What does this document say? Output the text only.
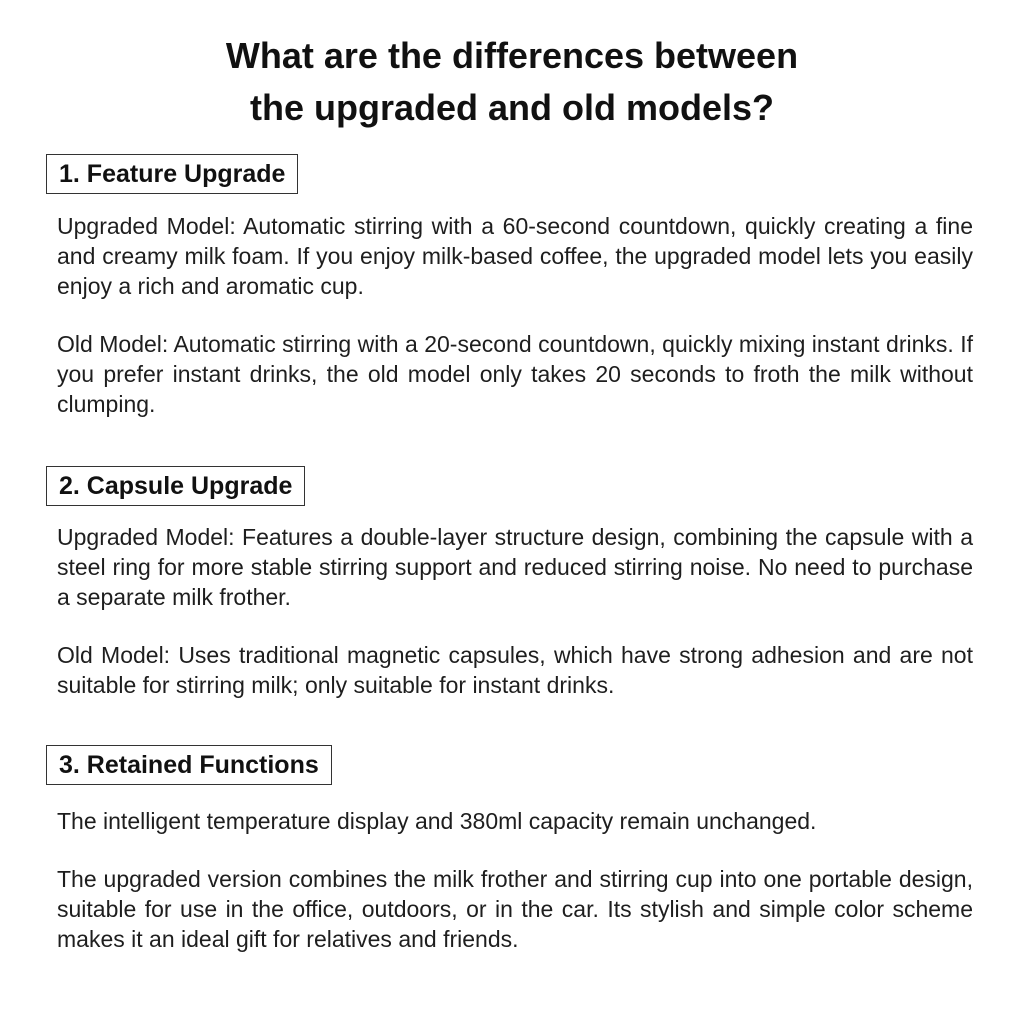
What are the differences between
the upgraded and old models?
1. Feature Upgrade

Upgraded Model: Automatic stirring with a 60-second countdown, quickly creating a fine and creamy milk foam. If you enjoy milk-based coffee, the upgraded model lets you easily enjoy a rich and aromatic cup.

Old Model: Automatic stirring with a 20-second countdown, quickly mixing instant drinks. If you prefer instant drinks, the old model only takes 20 seconds to froth the milk without clumping.

2. Capsule Upgrade

Upgraded Model: Features a double-layer structure design, combining the capsule with a steel ring for more stable stirring support and reduced stirring noise. No need to purchase a separate milk frother.

Old Model: Uses traditional magnetic capsules, which have strong adhesion and are not suitable for stirring milk; only suitable for instant drinks.

3. Retained Functions

The intelligent temperature display and 380ml capacity remain unchanged.

The upgraded version combines the milk frother and stirring cup into one portable design, suitable for use in the office, outdoors, or in the car. Its stylish and simple color scheme makes it an ideal gift for relatives and friends.
